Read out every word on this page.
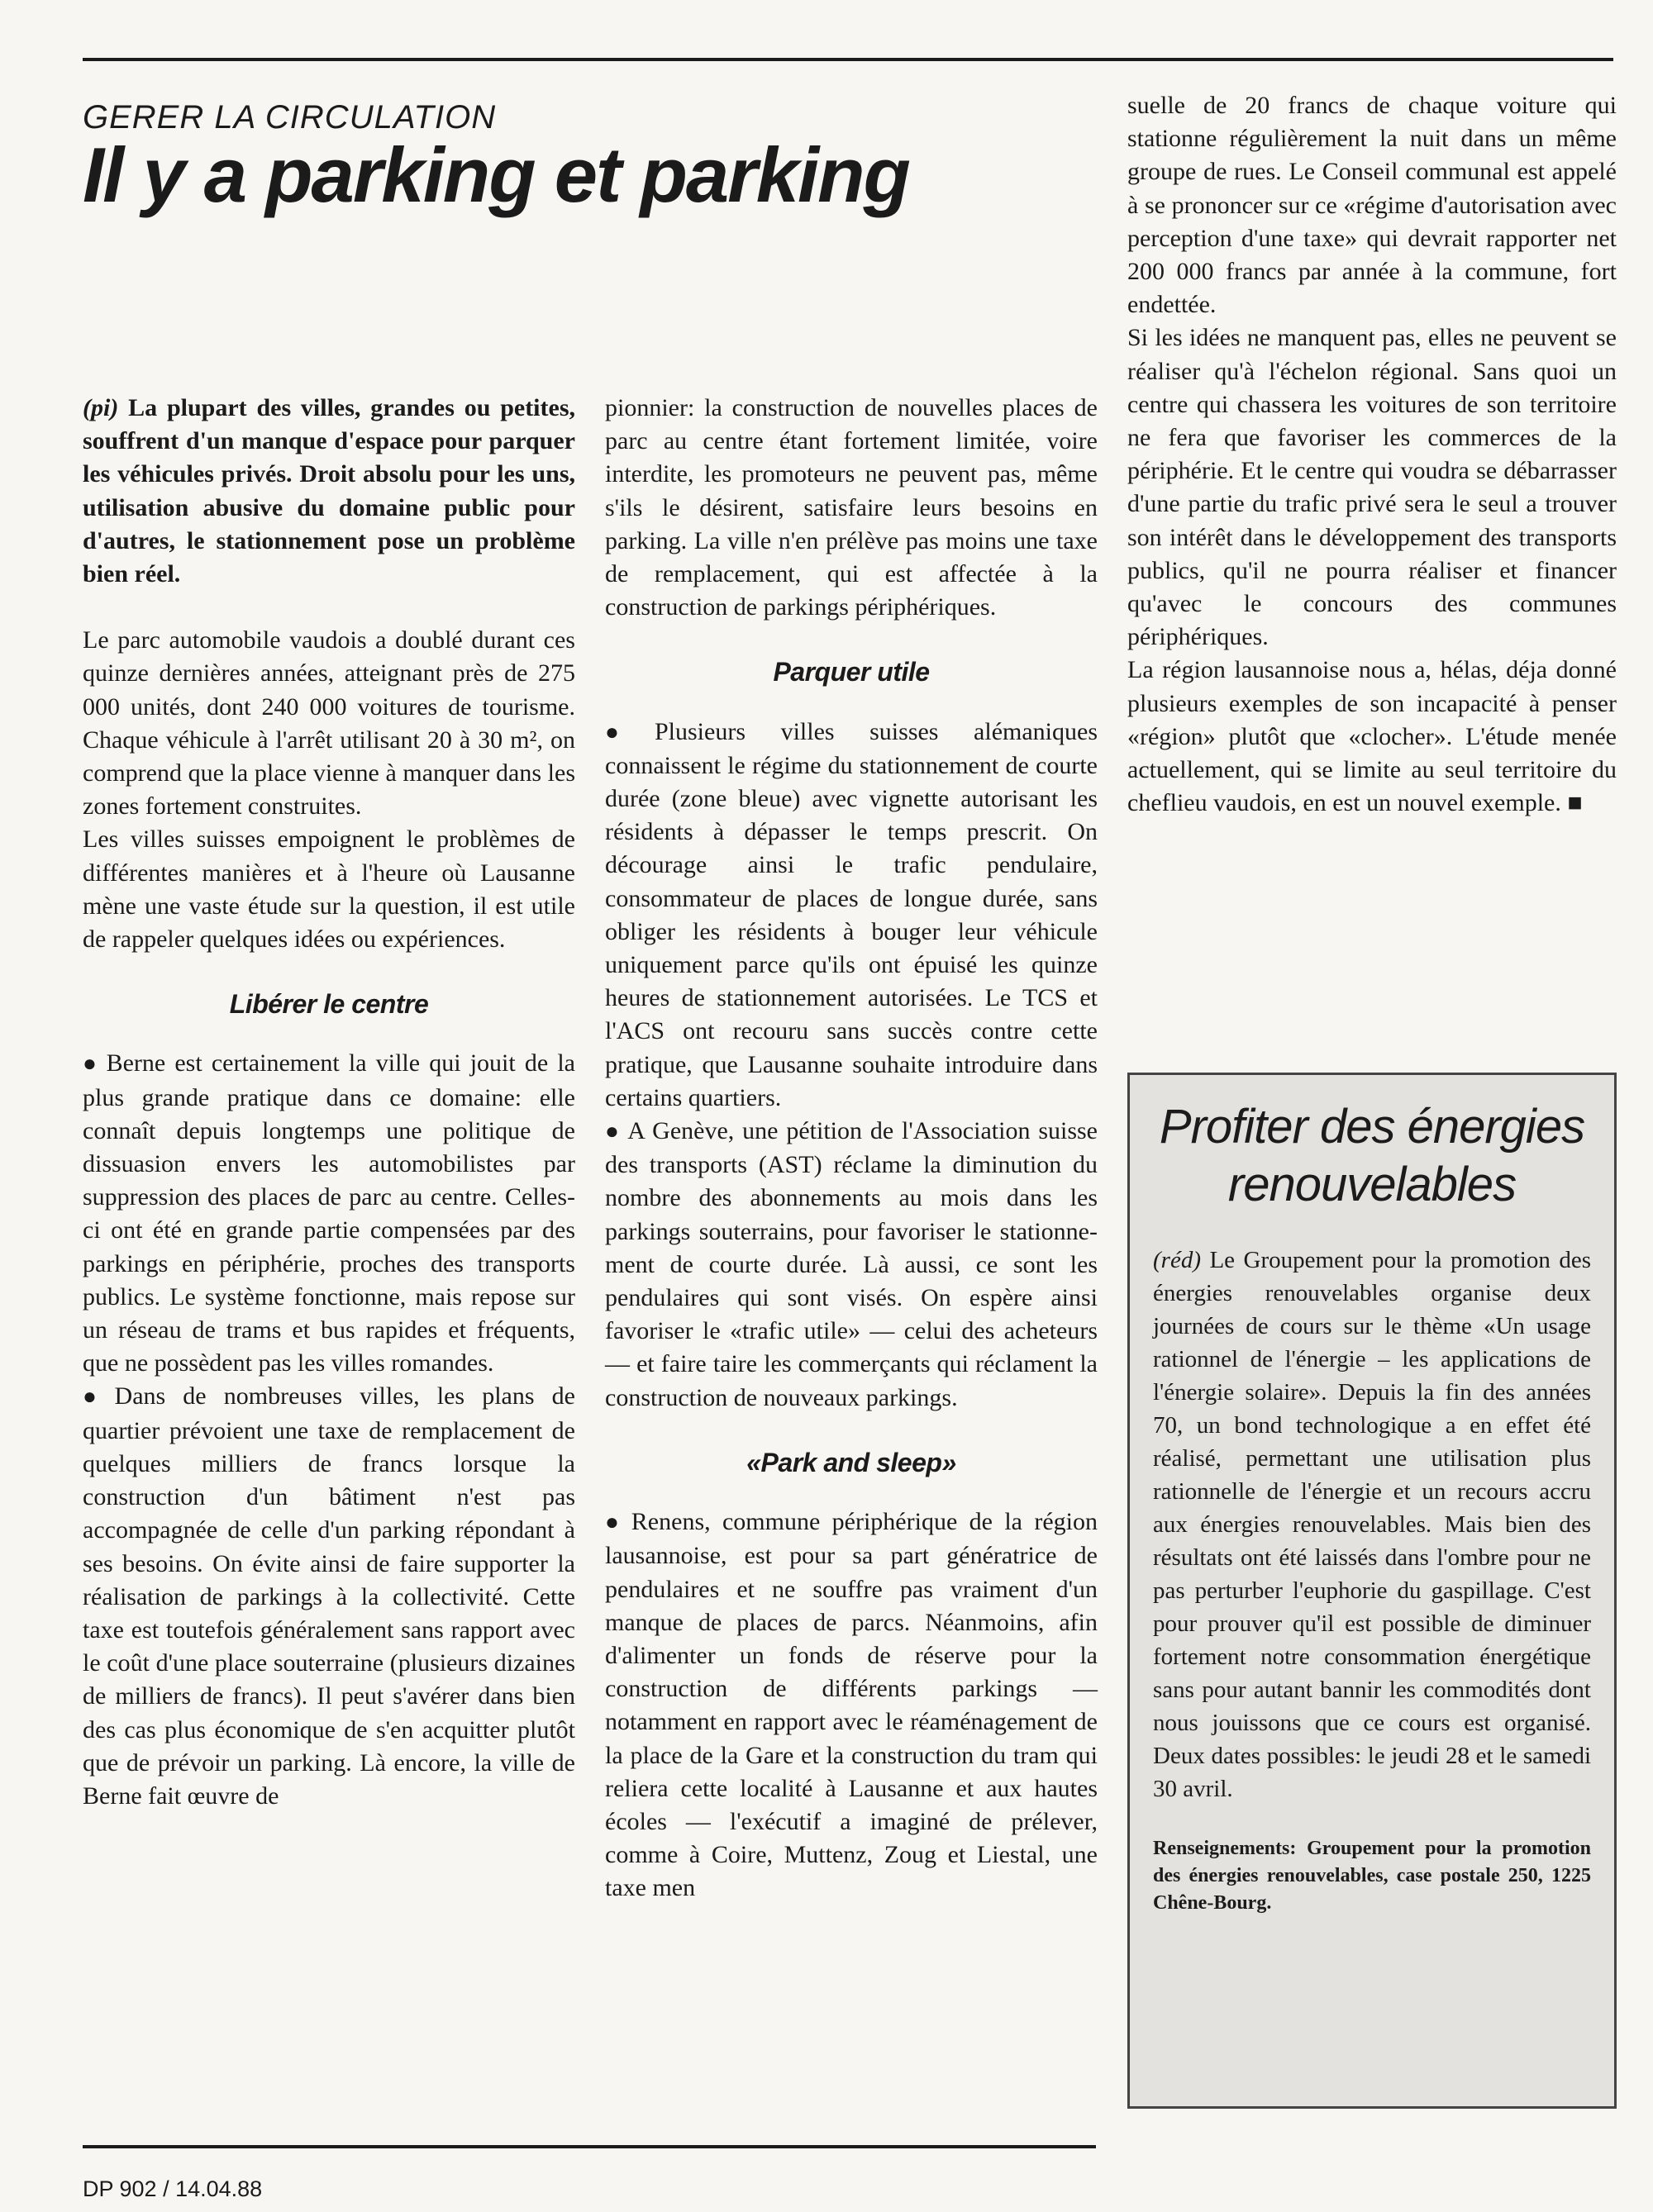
GERER LA CIRCULATION
Il y a parking et parking

(pi) La plupart des villes, grandes ou petites, souffrent d'un manque d'espace pour parquer les véhicules privés. Droit absolu pour les uns, utilisation abusive du domaine public pour d'autres, le stationnement pose un problème bien réel.

Le parc automobile vaudois a doublé durant ces quinze dernières années, atteignant près de 275 000 unités, dont 240 000 voitures de tourisme. Chaque véhicule à l'arrêt utilisant 20 à 30 m², on comprend que la place vienne à manquer dans les zones fortement construites.

Les villes suisses empoignent le problèmes de différentes manières et à l'heure où Lausanne mène une vaste étude sur la question, il est utile de rappeler quelques idées ou expériences.

Libérer le centre

● Berne est certainement la ville qui jouit de la plus grande pratique dans ce domaine: elle connaît depuis longtemps une politique de dissuasion envers les automobilistes par suppression des places de parc au centre. Celles-ci ont été en grande partie compensées par des parkings en périphérie, proches des transports publics. Le système fonctionne, mais repose sur un réseau de trams et bus rapides et fréquents, que ne possèdent pas les villes romandes.

● Dans de nombreuses villes, les plans de quartier prévoient une taxe de remplacement de quelques milliers de francs lorsque la construction d'un bâtiment n'est pas accompagnée de celle d'un parking répondant à ses besoins. On évite ainsi de faire supporter la réalisation de parkings à la collectivité. Cette taxe est toutefois généralement sans rapport avec le coût d'une place souterraine (plusieurs dizaines de milliers de francs). Il peut s'avérer dans bien des cas plus économique de s'en acquitter plutôt que de prévoir un parking. Là encore, la ville de Berne fait œuvre de

pionnier: la construction de nouvelles places de parc au centre étant fortement limitée, voire interdite, les promoteurs ne peuvent pas, même s'ils le désirent, satisfaire leurs besoins en parking. La ville n'en prélève pas moins une taxe de remplacement, qui est affectée à la construction de parkings périphériques.

Parquer utile

● Plusieurs villes suisses alémaniques connaissent le régime du stationnement de courte durée (zone bleue) avec vignette autorisant les résidents à dépasser le temps prescrit. On décourage ainsi le trafic pendulaire, consommateur de places de longue durée, sans obliger les résidents à bouger leur véhicule uniquement parce qu'ils ont épuisé les quinze heures de stationnement autorisées. Le TCS et l'ACS ont recouru sans succès contre cette pratique, que Lausanne souhaite introduire dans certains quartiers.

● A Genève, une pétition de l'Association suisse des transports (AST) réclame la diminution du nombre des abonnements au mois dans les parkings souterrains, pour favoriser le stationnement de courte durée. Là aussi, ce sont les pendulaires qui sont visés. On espère ainsi favoriser le «trafic utile» — celui des acheteurs — et faire taire les commerçants qui réclament la construction de nouveaux parkings.

«Park and sleep»

● Renens, commune périphérique de la région lausannoise, est pour sa part génératrice de pendulaires et ne souffre pas vraiment d'un manque de places de parcs. Néanmoins, afin d'alimenter un fonds de réserve pour la construction de différents parkings — notamment en rapport avec le réaménagement de la place de la Gare et la construction du tram qui reliera cette localité à Lausanne et aux hautes écoles — l'exécutif a imaginé de prélever, comme à Coire, Muttenz, Zoug et Liestal, une taxe men

suelle de 20 francs de chaque voiture qui stationne régulièrement la nuit dans un même groupe de rues. Le Conseil communal est appelé à se prononcer sur ce «régime d'autorisation avec perception d'une taxe» qui devrait rapporter net 200 000 francs par année à la commune, fort endettée.

Si les idées ne manquent pas, elles ne peuvent se réaliser qu'à l'échelon régional. Sans quoi un centre qui chassera les voitures de son territoire ne fera que favoriser les commerces de la périphérie. Et le centre qui voudra se débarrasser d'une partie du trafic privé sera le seul a trouver son intérêt dans le développement des transports publics, qu'il ne pourra réaliser et financer qu'avec le concours des communes périphériques.

La région lausannoise nous a, hélas, déja donné plusieurs exemples de son incapacité à penser «région» plutôt que «clocher». L'étude menée actuellement, qui se limite au seul territoire du cheflieu vaudois, en est un nouvel exemple. ■

Profiter des énergies renouvelables

(réd) Le Groupement pour la promotion des énergies renouvelables organise deux journées de cours sur le thème «Un usage rationnel de l'énergie – les applications de l'énergie solaire». Depuis la fin des années 70, un bond technologique a en effet été réalisé, permettant une utilisation plus rationnelle de l'énergie et un recours accru aux énergies renouvelables. Mais bien des résultats ont été laissés dans l'ombre pour ne pas perturber l'euphorie du gaspillage. C'est pour prouver qu'il est possible de diminuer fortement notre consommation énergétique sans pour autant bannir les commodités dont nous jouissons que ce cours est organisé. Deux dates possibles: le jeudi 28 et le samedi 30 avril.

Renseignements: Groupement pour la promotion des énergies renouvelables, case postale 250, 1225 Chêne-Bourg.

DP 902 / 14.04.88
